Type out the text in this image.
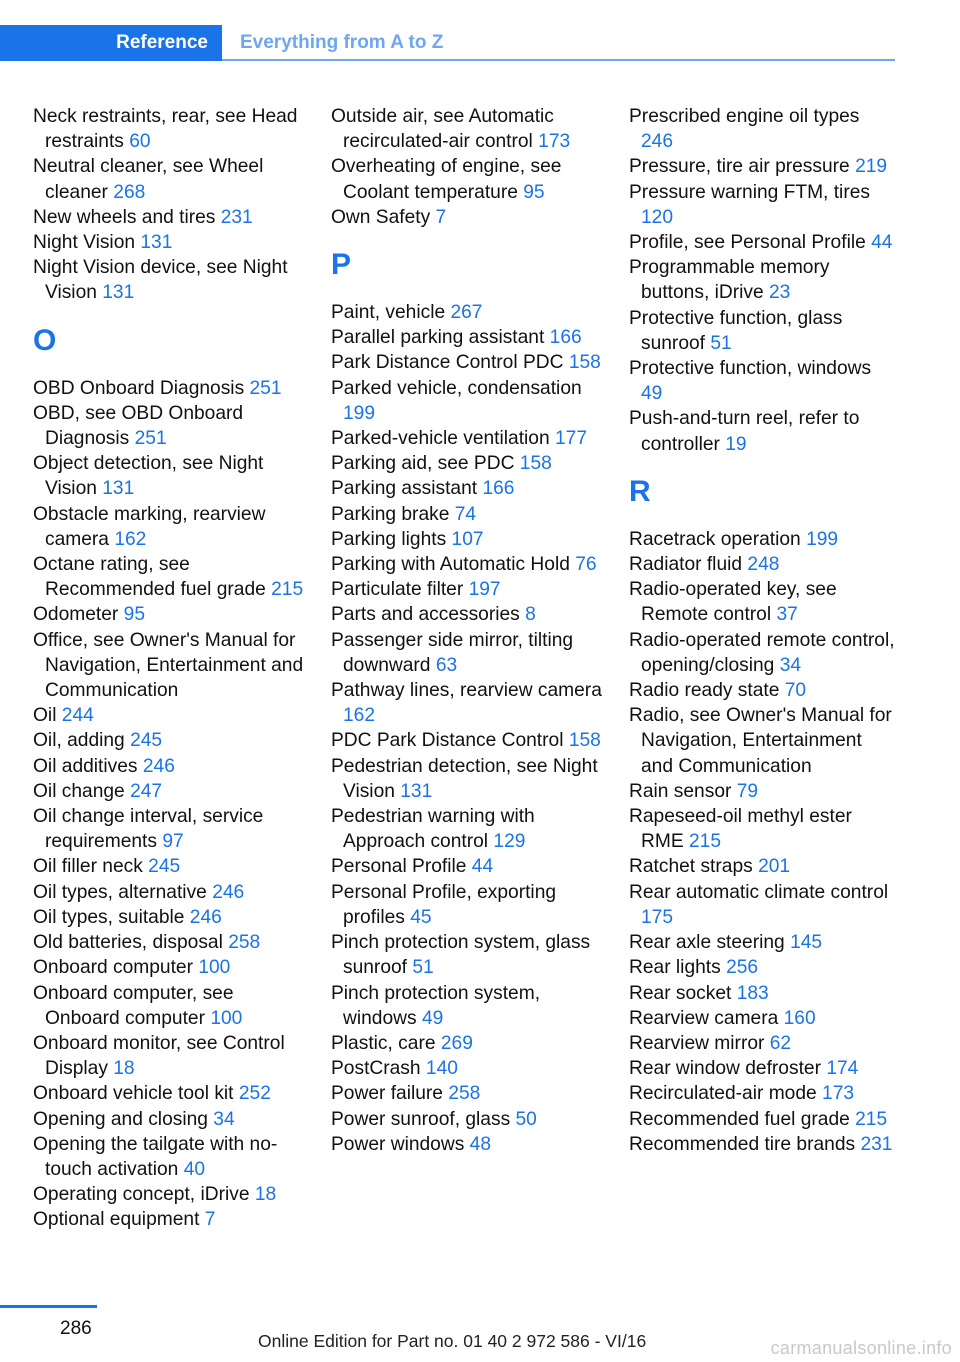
Reference	Everything from A to Z
Neck restraints, rear, see Head restraints 60
Neutral cleaner, see Wheel cleaner 268
New wheels and tires 231
Night Vision 131
Night Vision device, see Night Vision 131
O
OBD Onboard Diagnosis 251
OBD, see OBD Onboard Diagnosis 251
Object detection, see Night Vision 131
Obstacle marking, rearview camera 162
Octane rating, see Recommended fuel grade 215
Odometer 95
Office, see Owner's Manual for Navigation, Entertainment and Communication
Oil 244
Oil, adding 245
Oil additives 246
Oil change 247
Oil change interval, service requirements 97
Oil filler neck 245
Oil types, alternative 246
Oil types, suitable 246
Old batteries, disposal 258
Onboard computer 100
Onboard computer, see Onboard computer 100
Onboard monitor, see Control Display 18
Onboard vehicle tool kit 252
Opening and closing 34
Opening the tailgate with no-touch activation 40
Operating concept, iDrive 18
Optional equipment 7
Outside air, see Automatic recirculated-air control 173
Overheating of engine, see Coolant temperature 95
Own Safety 7
P
Paint, vehicle 267
Parallel parking assistant 166
Park Distance Control PDC 158
Parked vehicle, condensation 199
Parked-vehicle ventilation 177
Parking aid, see PDC 158
Parking assistant 166
Parking brake 74
Parking lights 107
Parking with Automatic Hold 76
Particulate filter 197
Parts and accessories 8
Passenger side mirror, tilting downward 63
Pathway lines, rearview camera 162
PDC Park Distance Control 158
Pedestrian detection, see Night Vision 131
Pedestrian warning with Approach control 129
Personal Profile 44
Personal Profile, exporting profiles 45
Pinch protection system, glass sunroof 51
Pinch protection system, windows 49
Plastic, care 269
PostCrash 140
Power failure 258
Power sunroof, glass 50
Power windows 48
Prescribed engine oil types 246
Pressure, tire air pressure 219
Pressure warning FTM, tires 120
Profile, see Personal Profile 44
Programmable memory buttons, iDrive 23
Protective function, glass sunroof 51
Protective function, windows 49
Push-and-turn reel, refer to controller 19
R
Racetrack operation 199
Radiator fluid 248
Radio-operated key, see Remote control 37
Radio-operated remote control, opening/closing 34
Radio ready state 70
Radio, see Owner's Manual for Navigation, Entertainment and Communication
Rain sensor 79
Rapeseed-oil methyl ester RME 215
Ratchet straps 201
Rear automatic climate control 175
Rear axle steering 145
Rear lights 256
Rear socket 183
Rearview camera 160
Rearview mirror 62
Rear window defroster 174
Recirculated-air mode 173
Recommended fuel grade 215
Recommended tire brands 231
286
Online Edition for Part no. 01 40 2 972 586 - VI/16	carmanualsonline.info
